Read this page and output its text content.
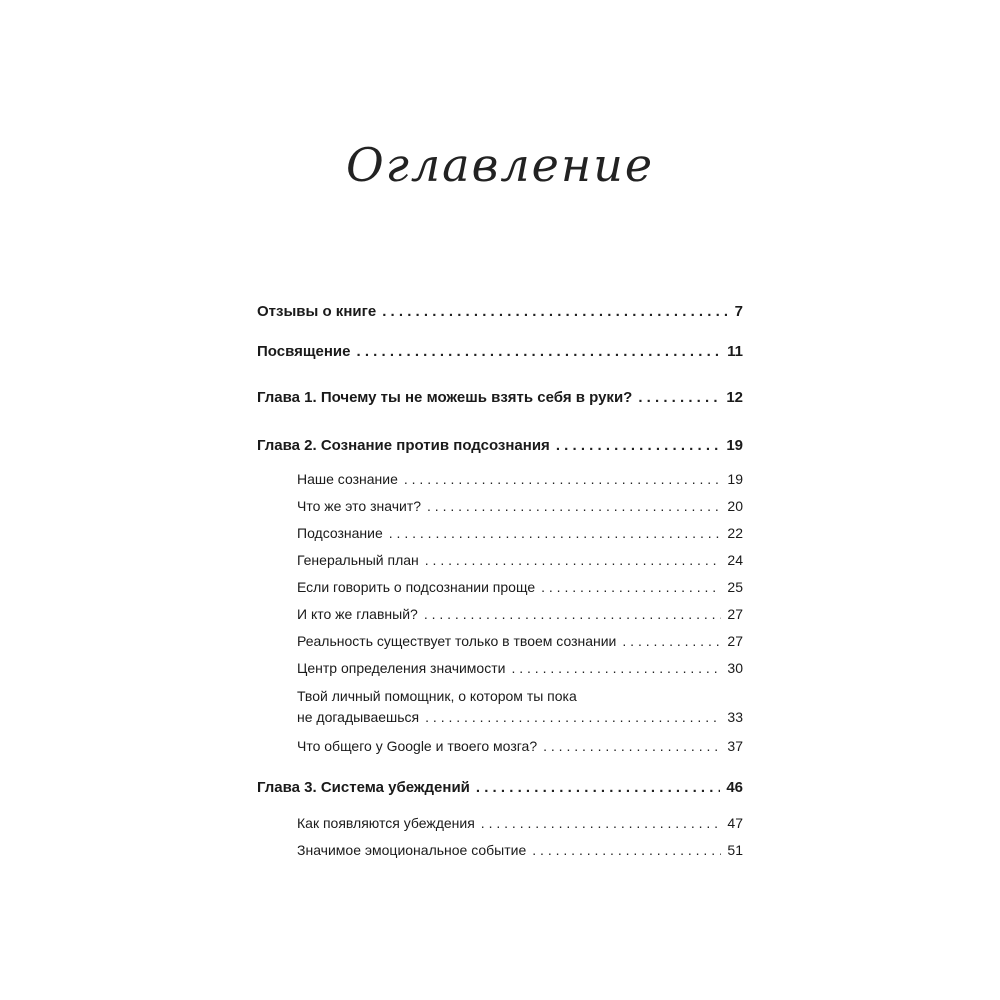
Оглавление
Отзывы о книге . . .	7
Посвящение . . .	11
Глава 1. Почему ты не можешь взять себя в руки? . . .	12
Глава 2. Сознание против подсознания . . .	19
Наше сознание . . .	19
Что же это значит? . . .	20
Подсознание . . .	22
Генеральный план . . .	24
Если говорить о подсознании проще . . .	25
И кто же главный? . . .	27
Реальность существует только в твоем сознании . . .	27
Центр определения значимости . . .	30
Твой личный помощник, о котором ты пока
не догадываешься . . .	33
Что общего у Google и твоего мозга? . . .	37
Глава 3. Система убеждений . . .	46
Как появляются убеждения . . .	47
Значимое эмоциональное событие . . .	51
